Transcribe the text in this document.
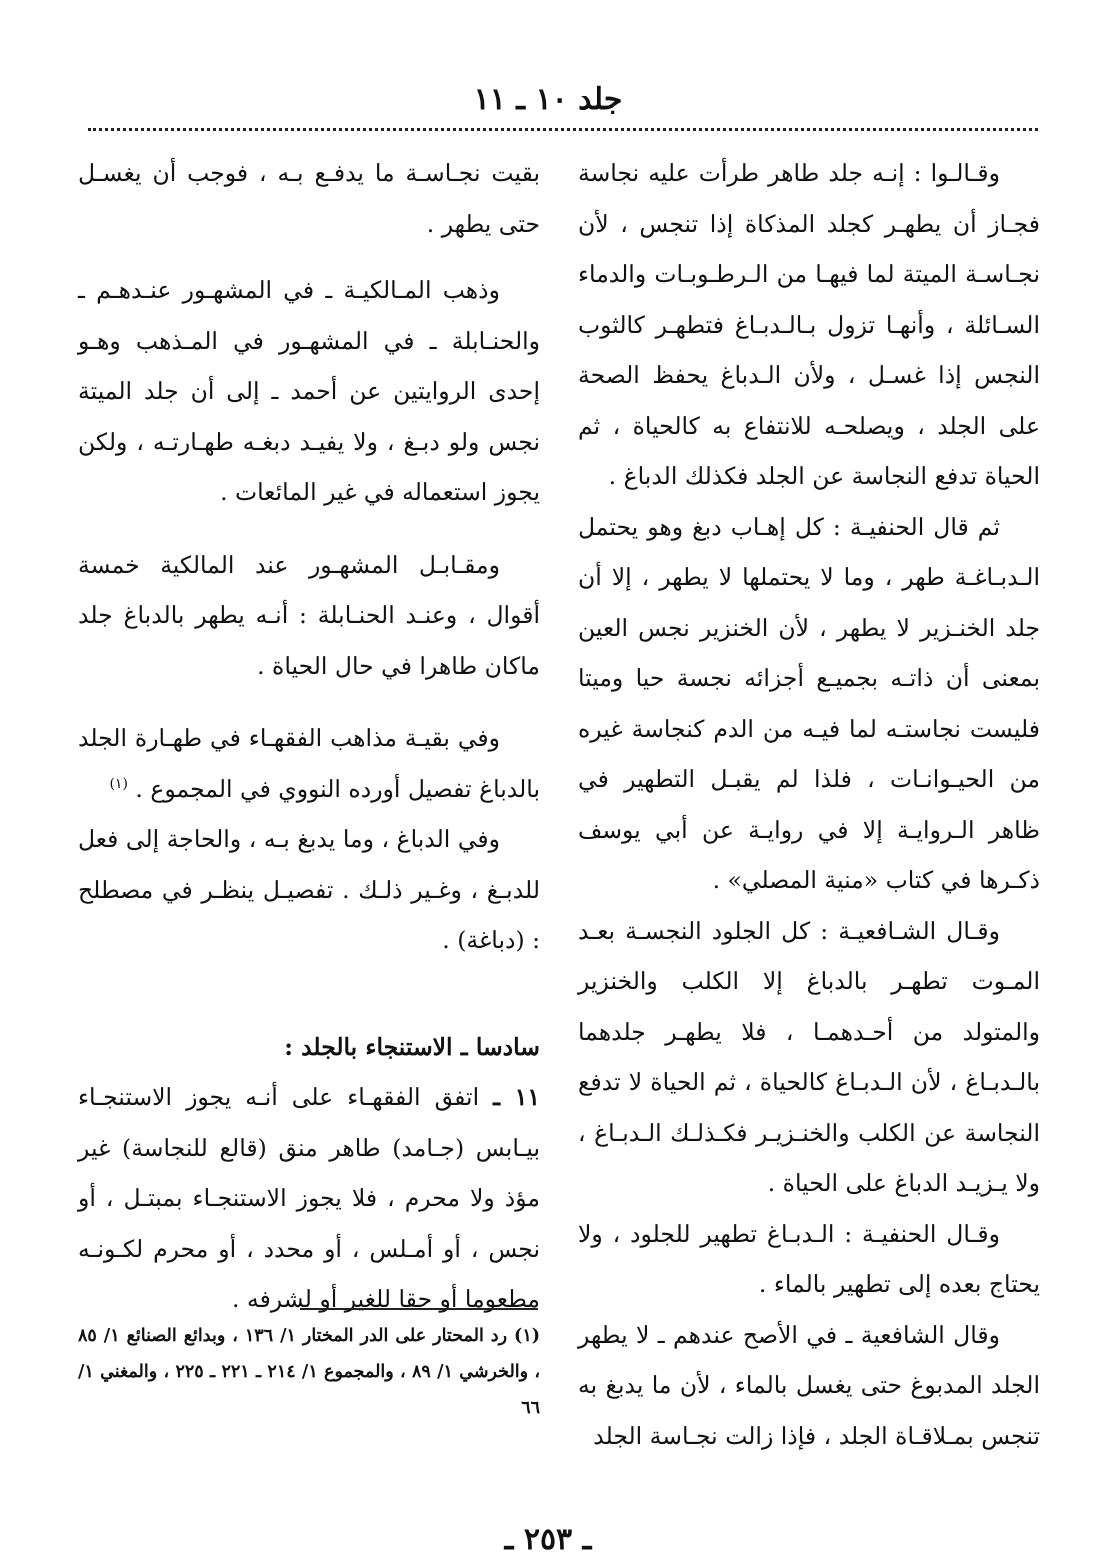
جلد ١٠ ـ ١١

وقـالـوا : إنـه جلد طاهر طرأت عليه نجاسة فجـاز أن يطهـر كجلد المذكاة إذا تنجس ، لأن نجـاسـة الميتة لما فيهـا من الـرطـوبـات والدماء السـائلة ، وأنهـا تزول بـالـدبـاغ فتطهـر كالثوب النجس إذا غسـل ، ولأن الـدباغ يحفظ الصحة على الجلد ، ويصلحـه للانتفاع به كالحياة ، ثم الحياة تدفع النجاسة عن الجلد فكذلك الدباغ .

ثم قال الحنفيـة : كل إهـاب دبغ وهو يحتمل الـدبـاغـة طهر ، وما لا يحتملها لا يطهر ، إلا أن جلد الخنـزير لا يطهر ، لأن الخنزير نجس العين بمعنى أن ذاتـه بجميـع أجزائه نجسة حيا وميتا فليست نجاستـه لما فيـه من الدم كنجاسة غيره من الحيـوانـات ، فلذا لم يقبـل التطهير في ظاهر الـروايـة إلا في روايـة عن أبي يوسف ذكـرها في كتاب «منية المصلي» .

وقـال الشـافعيـة : كل الجلود النجسـة بعـد المـوت تطهـر بالدباغ إلا الكلب والخنزير والمتولد من أحـدهمـا ، فلا يطهـر جلدهما بالـدبـاغ ، لأن الـدبـاغ كالحياة ، ثم الحياة لا تدفع النجاسة عن الكلب والخنـزيـر فكـذلـك الـدبـاغ ، ولا يـزيـد الدباغ على الحياة .

وقـال الحنفيـة : الـدبـاغ تطهير للجلود ، ولا يحتاج بعده إلى تطهير بالماء .

وقال الشافعية ـ في الأصح عندهم ـ لا يطهر الجلد المدبوغ حتى يغسل بالماء ، لأن ما يدبغ به تنجس بمـلاقـاة الجلد ، فإذا زالت نجـاسة الجلد

بقيت نجـاسـة ما يدفـع بـه ، فوجب أن يغسـل حتى يطهر .

وذهب المـالكيـة ـ في المشهـور عنـدهـم ـ والحنـابلة ـ في المشهـور في المـذهب وهـو إحدى الروايتين عن أحمد ـ إلى أن جلد الميتة نجس ولو دبـغ ، ولا يفيـد دبغـه طهـارتـه ، ولكن يجوز استعماله في غير المائعات .

ومقـابـل المشهـور عند المالكية خمسة أقوال ، وعنـد الحنـابلة : أنـه يطهر بالدباغ جلد ماكان طاهرا في حال الحياة .

وفي بقيـة مذاهب الفقهـاء في طهـارة الجلد بالدباغ تفصيل أورده النووي في المجموع . $^{(١)}$

وفي الدباغ ، وما يدبغ بـه ، والحاجة إلى فعل للدبـغ ، وغـير ذلـك . تفصيـل ينظـر في مصطلح : (دباغة) .

سادسا ـ الاستنجاء بالجلد :

١١ ـ اتفق الفقهـاء على أنـه يجوز الاستنجـاء بيـابس (جـامد) طاهر منق (قالع للنجاسة) غير مؤذ ولا محرم ، فلا يجوز الاستنجـاء بمبتـل ، أو نجس ، أو أمـلس ، أو محدد ، أو محرم لكـونـه مطعوما أو حقا للغير أو لشرفه .

(١) رد المحتار على الدر المختار ١/ ١٣٦ ، وبدائع الصنائع ١/ ٨٥ ، والخرشي ١/ ٨٩ ، والمجموع ١/ ٢١٤ ـ ٢٢١ ـ ٢٢٥ ، والمغني ١/ ٦٦
ـ ٢٥٣ ـ
